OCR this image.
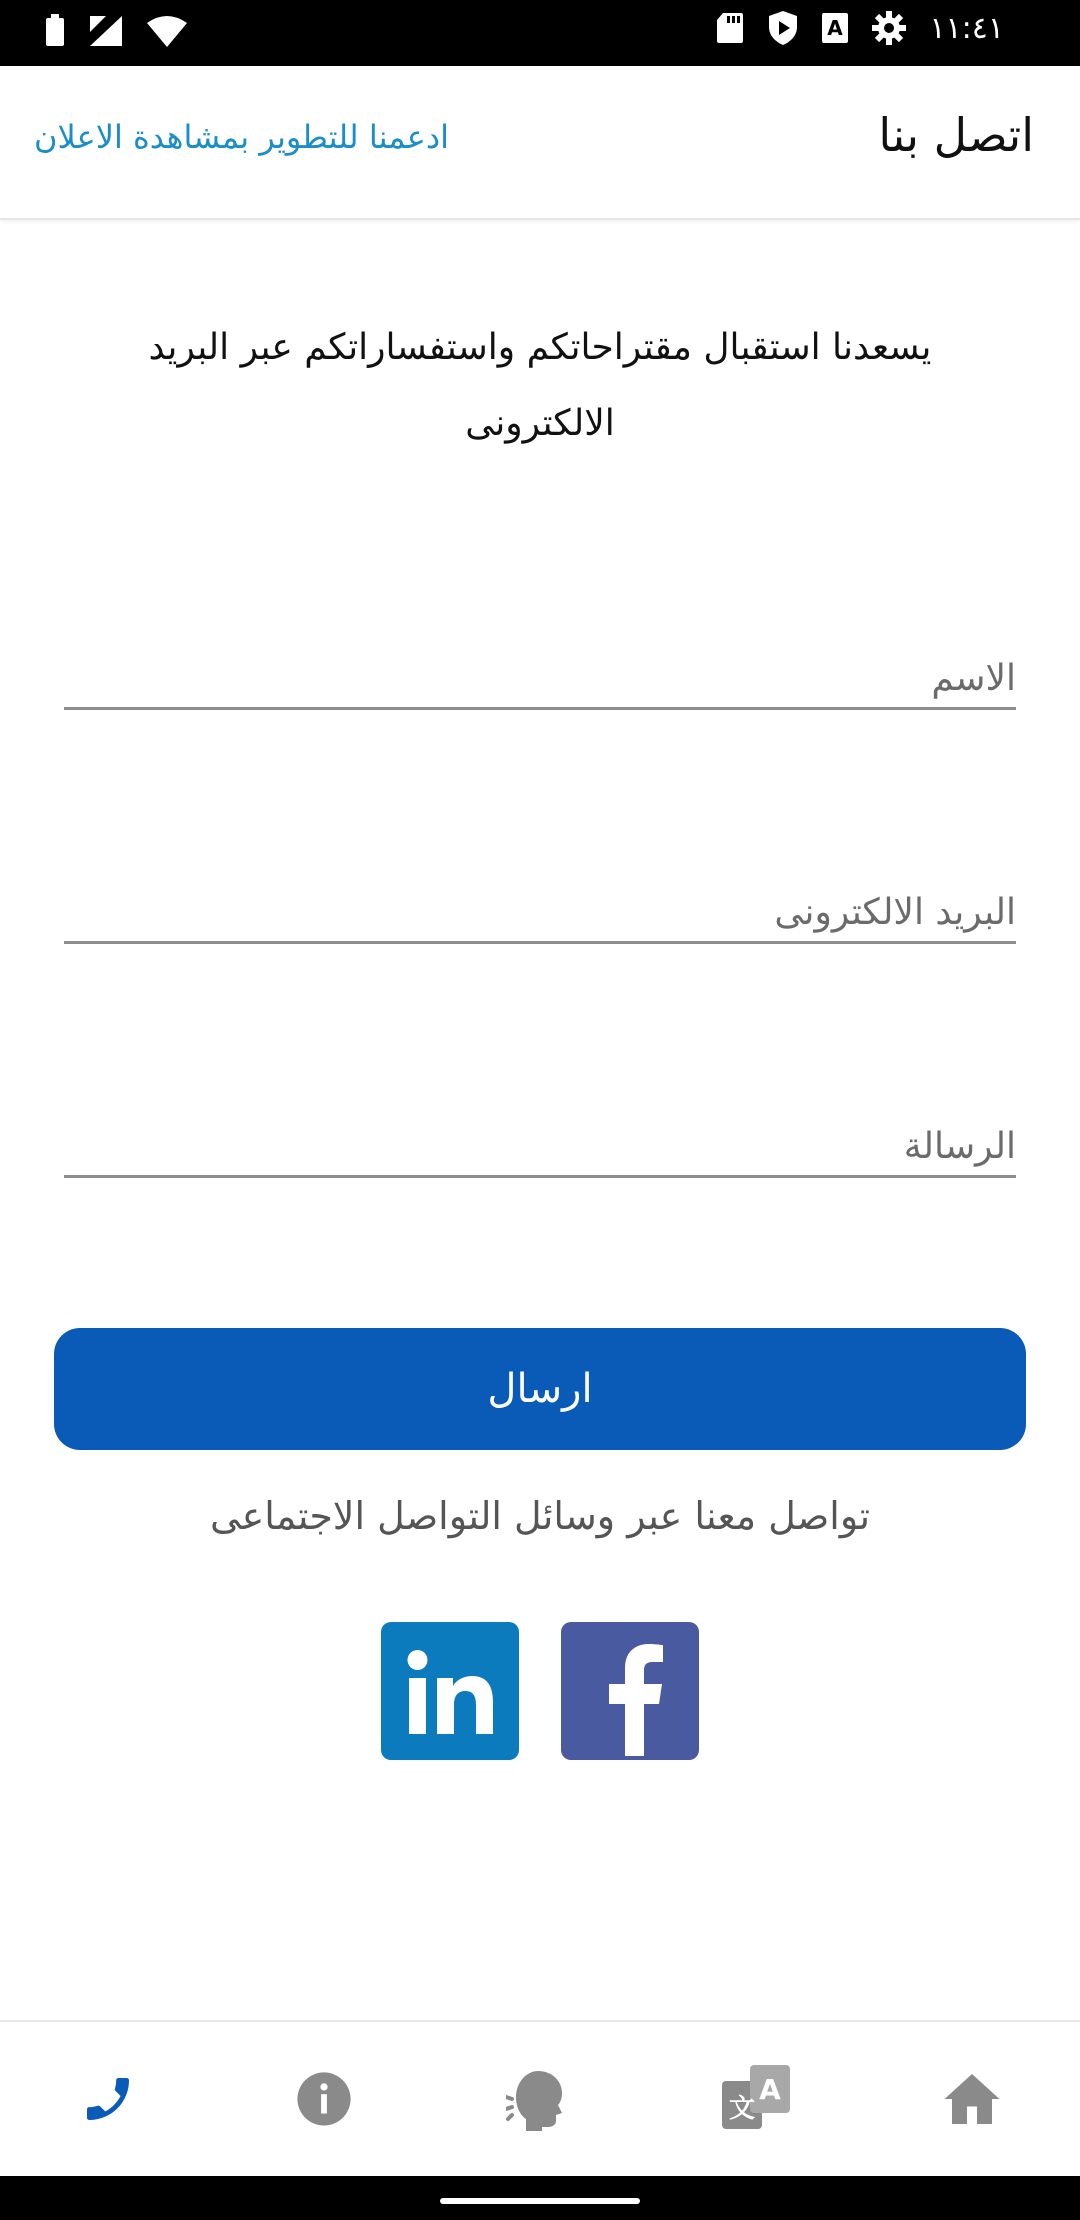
A	١١:٤١
ادعمنا للتطوير بمشاهدة الاعلان	اتصل بنا
يسعدنا استقبال مقتراحاتكم واستفساراتكم عبر البريد الالكترونى
الاسم
البريد الالكترونى
الرسالة
ارسال
تواصل معنا عبر وسائل التواصل الاجتماعى
文
A
